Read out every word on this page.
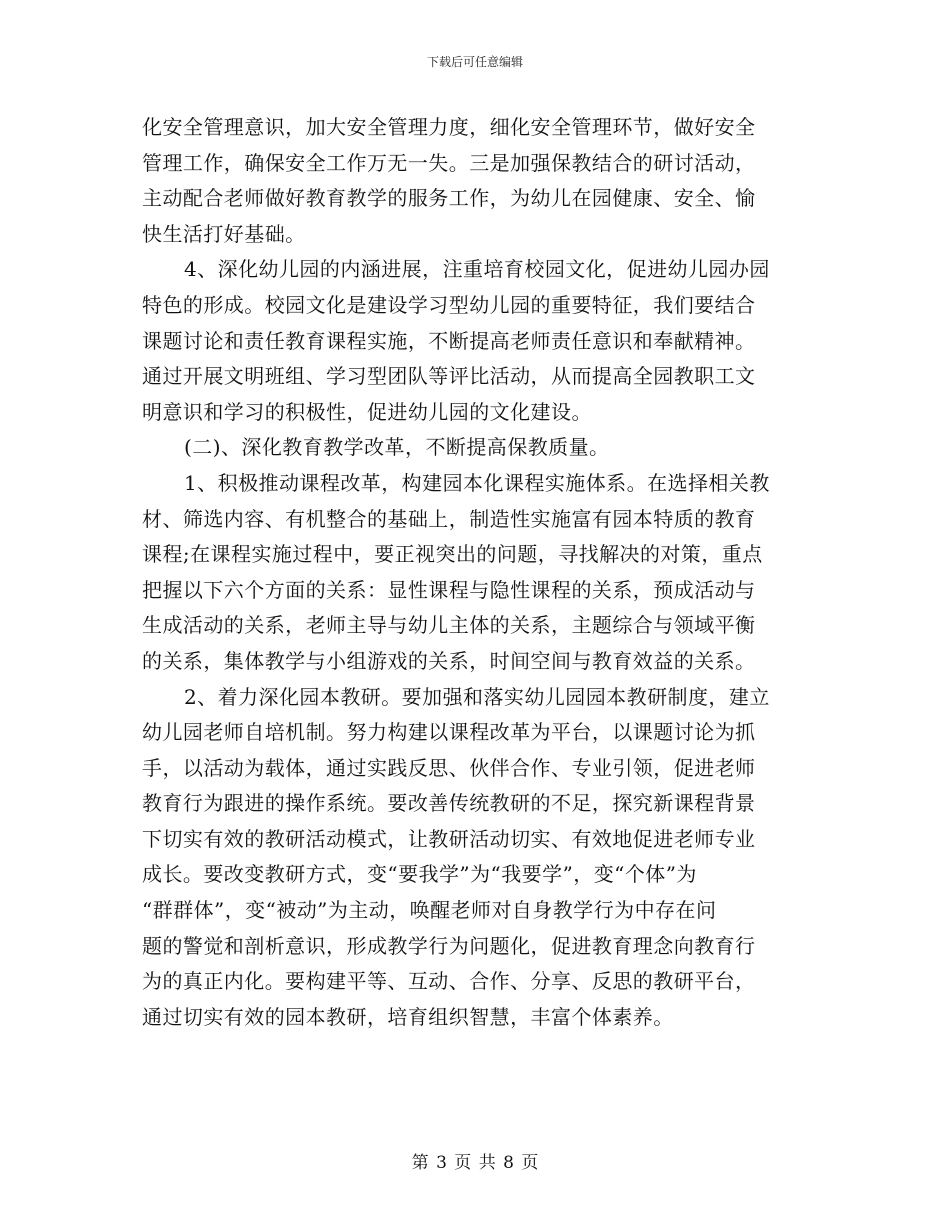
下载后可任意编辑
化安全管理意识，加大安全管理力度，细化安全管理环节，做好安全
管理工作，确保安全工作万无一失。三是加强保教结合的研讨活动，
主动配合老师做好教育教学的服务工作，为幼儿在园健康、安全、愉
快生活打好基础。
4、深化幼儿园的内涵进展，注重培育校园文化，促进幼儿园办园
特色的形成。校园文化是建设学习型幼儿园的重要特征，我们要结合
课题讨论和责任教育课程实施，不断提高老师责任意识和奉献精神。
通过开展文明班组、学习型团队等评比活动，从而提高全园教职工文
明意识和学习的积极性，促进幼儿园的文化建设。
(二)、深化教育教学改革，不断提高保教质量。
1、积极推动课程改革，构建园本化课程实施体系。在选择相关教
材、筛选内容、有机整合的基础上，制造性实施富有园本特质的教育
课程;在课程实施过程中，要正视突出的问题，寻找解决的对策，重点
把握以下六个方面的关系：显性课程与隐性课程的关系，预成活动与
生成活动的关系，老师主导与幼儿主体的关系，主题综合与领域平衡
的关系，集体教学与小组游戏的关系，时间空间与教育效益的关系。
2、着力深化园本教研。要加强和落实幼儿园园本教研制度，建立
幼儿园老师自培机制。努力构建以课程改革为平台，以课题讨论为抓
手，以活动为载体，通过实践反思、伙伴合作、专业引领，促进老师
教育行为跟进的操作系统。要改善传统教研的不足，探究新课程背景
下切实有效的教研活动模式，让教研活动切实、有效地促进老师专业
成长。要改变教研方式，变“要我学”为“我要学”，变“个体”为
“群群体”，变“被动”为主动，唤醒老师对自身教学行为中存在问
题的警觉和剖析意识，形成教学行为问题化，促进教育理念向教育行
为的真正内化。要构建平等、互动、合作、分享、反思的教研平台，
通过切实有效的园本教研，培育组织智慧，丰富个体素养。
第 3 页 共 8 页
